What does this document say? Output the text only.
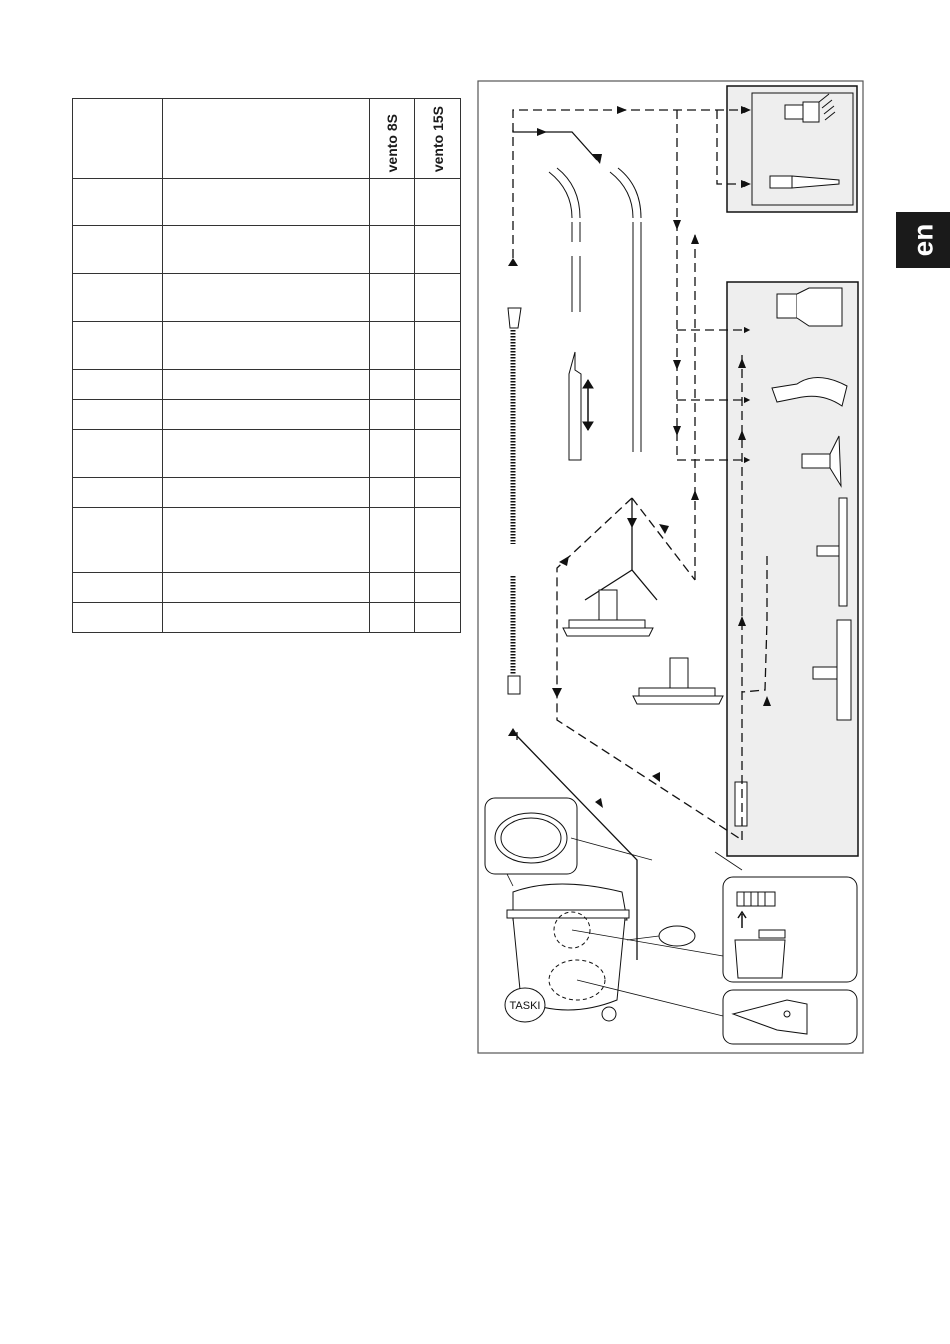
		vento 8S	vento 15S

en
TASKI
